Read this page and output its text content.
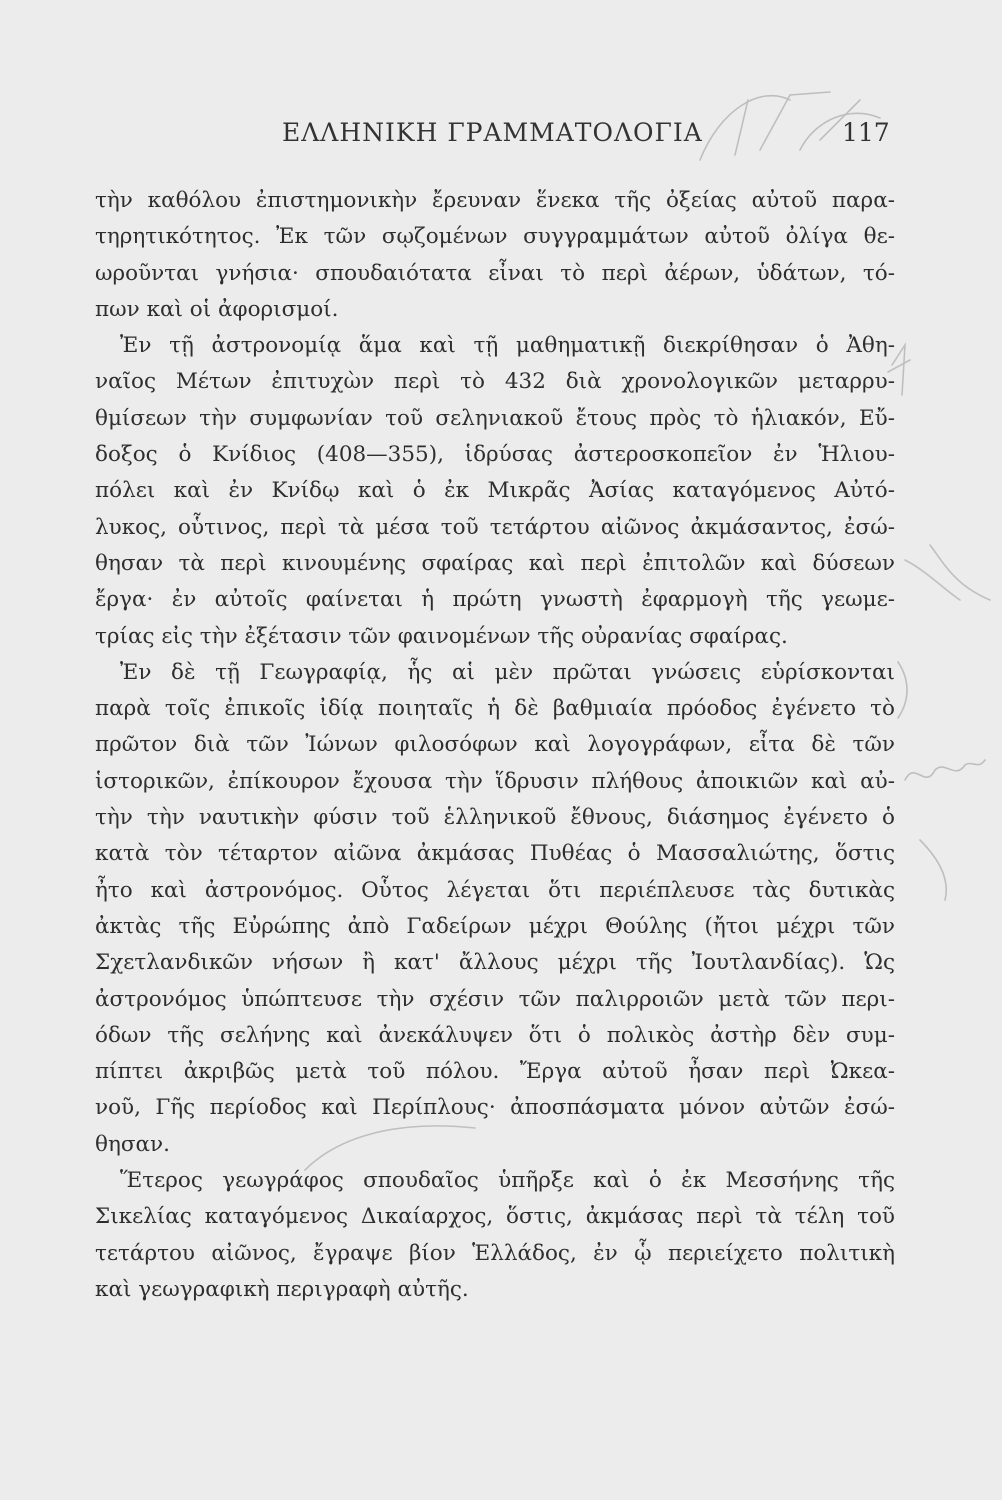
ΕΛΛΗΝΙΚΗ ΓΡΑΜΜΑΤΟΛΟΓΙΑ	117

τὴν καθόλου ἐπιστημονικὴν ἔρευναν ἕνεκα τῆς ὀξείας αὐτοῦ παρα-
τηρητικότητος. Ἐκ τῶν σῳζομένων συγγραμμάτων αὐτοῦ ὀλίγα θε-
ωροῦνται γνήσια· σπουδαιότατα εἶναι τὸ περὶ ἀέρων, ὑδάτων, τό-
πων καὶ οἱ ἀφορισμοί.

Ἐν τῇ ἀστρονομίᾳ ἅμα καὶ τῇ μαθηματικῇ διεκρίθησαν ὁ Ἀθη-
ναῖος Μέτων ἐπιτυχὼν περὶ τὸ 432 διὰ χρονολογικῶν μεταρρυ-
θμίσεων τὴν συμφωνίαν τοῦ σεληνιακοῦ ἔτους πρὸς τὸ ἡλιακόν, Εὔ-
δοξος ὁ Κνίδιος (408—355), ἱδρύσας ἀστεροσκοπεῖον ἐν Ἡλιου-
πόλει καὶ ἐν Κνίδῳ καὶ ὁ ἐκ Μικρᾶς Ἀσίας καταγόμενος Αὐτό-
λυκος, οὗτινος, περὶ τὰ μέσα τοῦ τετάρτου αἰῶνος ἀκμάσαντος, ἐσώ-
θησαν τὰ περὶ κινουμένης σφαίρας καὶ περὶ ἐπιτολῶν καὶ δύσεων
ἔργα· ἐν αὐτοῖς φαίνεται ἡ πρώτη γνωστὴ ἐφαρμογὴ τῆς γεωμε-
τρίας εἰς τὴν ἐξέτασιν τῶν φαινομένων τῆς οὐρανίας σφαίρας.

Ἐν δὲ τῇ Γεωγραφίᾳ, ἧς αἱ μὲν πρῶται γνώσεις εὑρίσκονται
παρὰ τοῖς ἐπικοῖς ἰδίᾳ ποιηταῖς ἡ δὲ βαθμιαία πρόοδος ἐγένετο τὸ
πρῶτον διὰ τῶν Ἰώνων φιλοσόφων καὶ λογογράφων, εἶτα δὲ τῶν
ἱστορικῶν, ἐπίκουρον ἔχουσα τὴν ἵδρυσιν πλήθους ἀποικιῶν καὶ αὐ-
τὴν τὴν ναυτικὴν φύσιν τοῦ ἑλληνικοῦ ἔθνους, διάσημος ἐγένετο ὁ
κατὰ τὸν τέταρτον αἰῶνα ἀκμάσας Πυθέας ὁ Μασσαλιώτης, ὅστις
ἦτο καὶ ἀστρονόμος. Οὗτος λέγεται ὅτι περιέπλευσε τὰς δυτικὰς
ἀκτὰς τῆς Εὐρώπης ἀπὸ Γαδείρων μέχρι Θούλης (ἤτοι μέχρι τῶν
Σχετλανδικῶν νήσων ἢ κατ' ἄλλους μέχρι τῆς Ἰουτλανδίας). Ὡς
ἀστρονόμος ὑπώπτευσε τὴν σχέσιν τῶν παλιρροιῶν μετὰ τῶν περι-
όδων τῆς σελήνης καὶ ἀνεκάλυψεν ὅτι ὁ πολικὸς ἀστὴρ δὲν συμ-
πίπτει ἀκριβῶς μετὰ τοῦ πόλου. Ἔργα αὐτοῦ ἦσαν περὶ Ὠκεα-
νοῦ, Γῆς περίοδος καὶ Περίπλους· ἀποσπάσματα μόνον αὐτῶν ἐσώ-
θησαν.

Ἕτερος γεωγράφος σπουδαῖος ὑπῆρξε καὶ ὁ ἐκ Μεσσήνης τῆς
Σικελίας καταγόμενος Δικαίαρχος, ὅστις, ἀκμάσας περὶ τὰ τέλη τοῦ
τετάρτου αἰῶνος, ἔγραψε βίον Ἑλλάδος, ἐν ᾧ περιείχετο πολιτικὴ
καὶ γεωγραφικὴ περιγραφὴ αὐτῆς.
